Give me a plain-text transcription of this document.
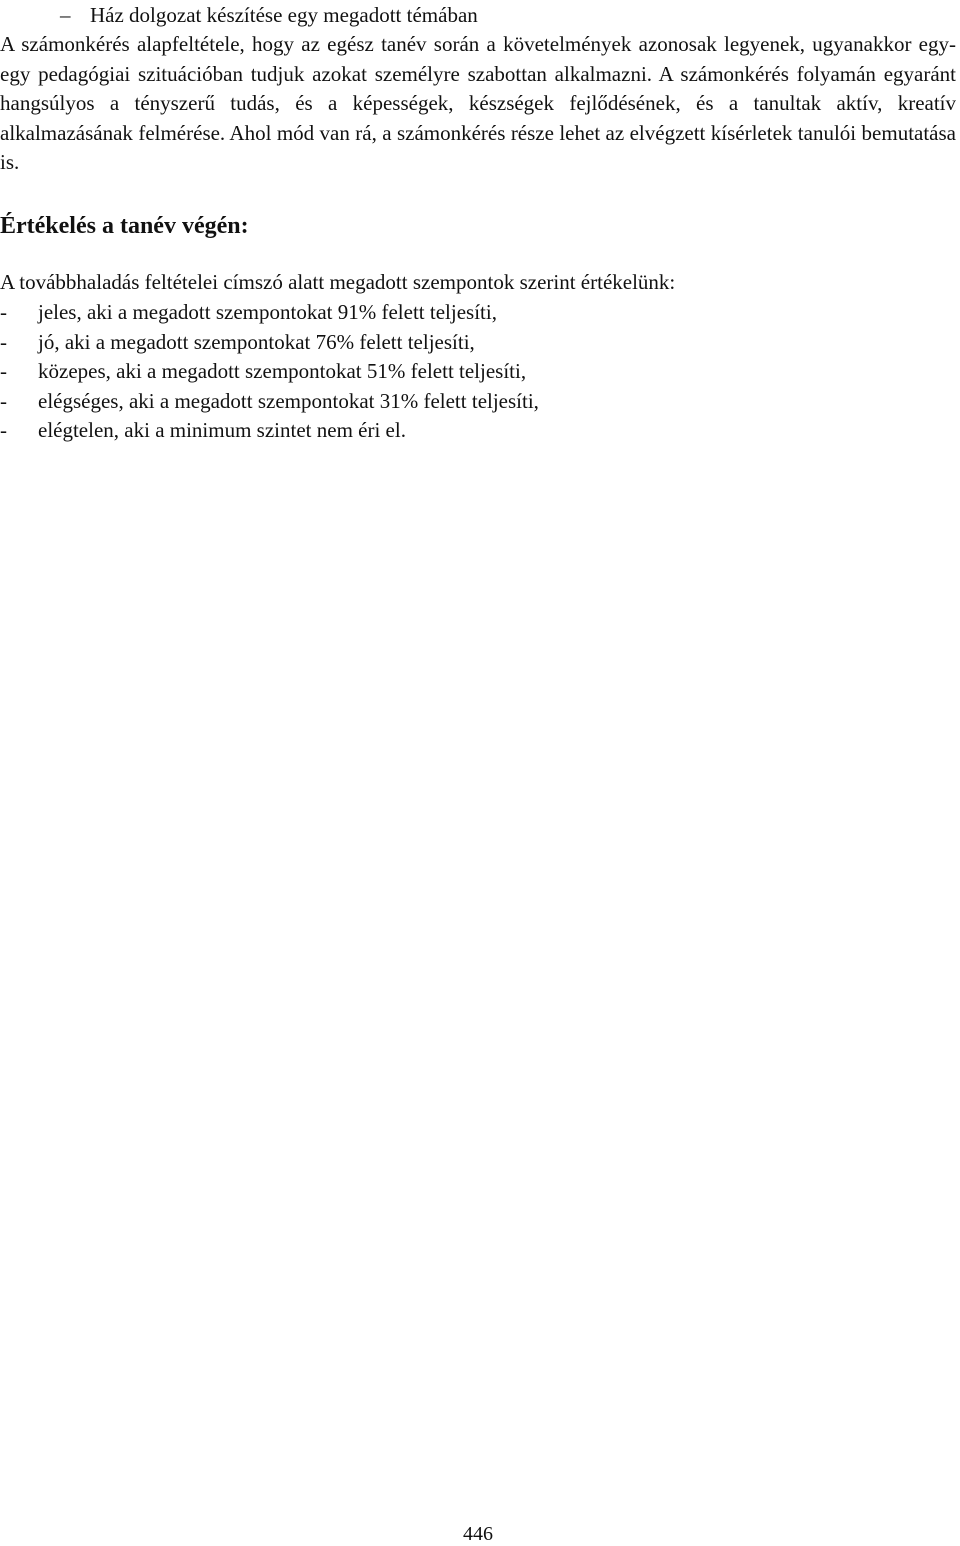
– Ház dolgozat készítése egy megadott témában
A számonkérés alapfeltétele, hogy az egész tanév során a követelmények azonosak legyenek, ugyanakkor egy-egy pedagógiai szituációban tudjuk azokat személyre szabottan alkalmazni. A számonkérés folyamán egyaránt hangsúlyos a tényszerű tudás, és a képességek, készségek fejlődésének, és a tanultak aktív, kreatív alkalmazásának felmérése. Ahol mód van rá, a számonkérés része lehet az elvégzett kísérletek tanulói bemutatása is.
Értékelés a tanév végén:
A továbbhaladás feltételei címszó alatt megadott szempontok szerint értékelünk:
- jeles, aki a megadott szempontokat 91% felett teljesíti,
- jó, aki a megadott szempontokat 76% felett teljesíti,
- közepes, aki a megadott szempontokat 51% felett teljesíti,
- elégséges, aki a megadott szempontokat 31% felett teljesíti,
- elégtelen, aki a minimum szintet nem éri el.
446
